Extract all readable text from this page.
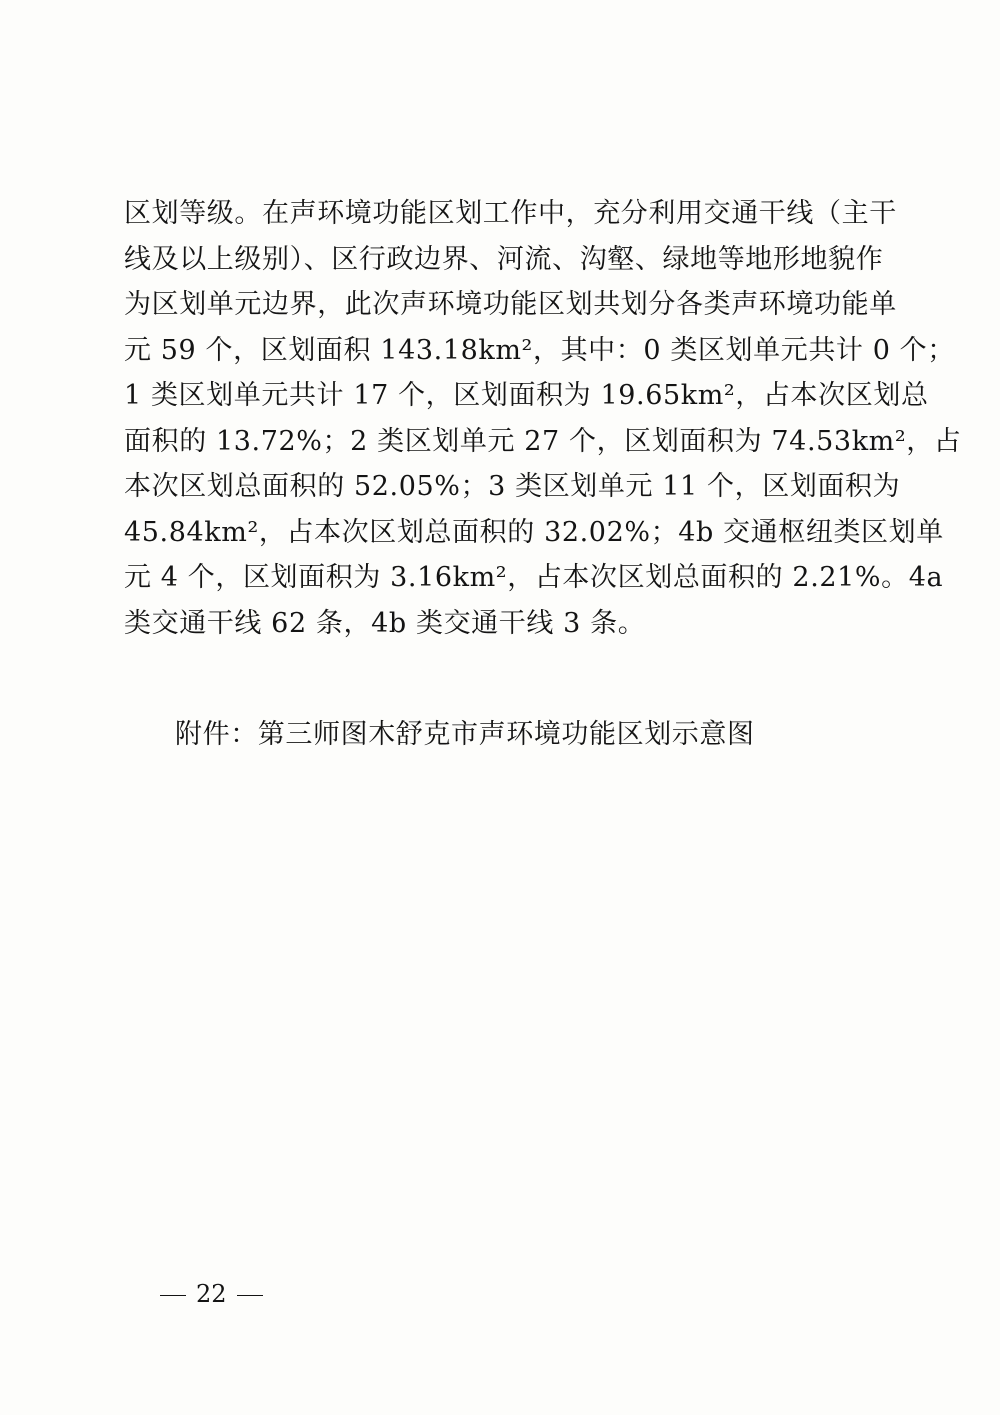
区划等级。在声环境功能区划工作中，充分利用交通干线（主干
线及以上级别）、区行政边界、河流、沟壑、绿地等地形地貌作
为区划单元边界，此次声环境功能区划共划分各类声环境功能单
元 59 个，区划面积 143.18km²，其中：0 类区划单元共计 0 个；
1 类区划单元共计 17 个，区划面积为 19.65km²，占本次区划总
面积的 13.72%；2 类区划单元 27 个，区划面积为 74.53km²，占
本次区划总面积的 52.05%；3 类区划单元 11 个，区划面积为
45.84km²，占本次区划总面积的 32.02%；4b 交通枢纽类区划单
元 4 个，区划面积为 3.16km²，占本次区划总面积的 2.21%。4a
类交通干线 62 条，4b 类交通干线 3 条。
附件：第三师图木舒克市声环境功能区划示意图
22
